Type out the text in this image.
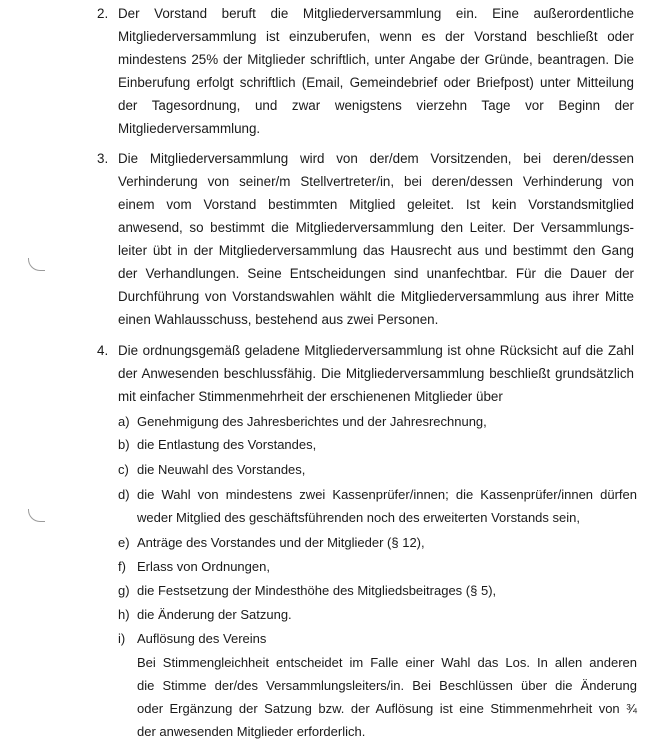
2. Der Vorstand beruft die Mitgliederversammlung ein. Eine außerordentliche
Mitgliederversammlung ist einzuberufen, wenn es der Vorstand beschließt oder
mindestens 25% der Mitglieder schriftlich, unter Angabe der Gründe, beantragen. Die
Einberufung erfolgt schriftlich (Email, Gemeindebrief oder Briefpost) unter Mitteilung
der Tagesordnung, und zwar wenigstens vierzehn Tage vor Beginn der
Mitgliederversammlung.
3. Die Mitgliederversammlung wird von der/dem Vorsitzenden, bei deren/dessen
Verhinderung von seiner/m Stellvertreter/in, bei deren/dessen Verhinderung von
einem vom Vorstand bestimmten Mitglied geleitet. Ist kein Vorstandsmitglied
anwesend, so bestimmt die Mitgliederversammlung den Leiter. Der Versammlungs-
leiter übt in der Mitgliederversammlung das Hausrecht aus und bestimmt den Gang
der Verhandlungen. Seine Entscheidungen sind unanfechtbar. Für die Dauer der
Durchführung von Vorstandswahlen wählt die Mitgliederversammlung aus ihrer Mitte
einen Wahlausschuss, bestehend aus zwei Personen.
4. Die ordnungsgemäß geladene Mitgliederversammlung ist ohne Rücksicht auf die Zahl
der Anwesenden beschlussfähig. Die Mitgliederversammlung beschließt grundsätzlich
mit einfacher Stimmenmehrheit der erschienenen Mitglieder über
a) Genehmigung des Jahresberichtes und der Jahresrechnung,
b) die Entlastung des Vorstandes,
c) die Neuwahl des Vorstandes,
d) die Wahl von mindestens zwei Kassenprüfer/innen; die Kassenprüfer/innen dürfen
weder Mitglied des geschäftsführenden noch des erweiterten Vorstands sein,
e) Anträge des Vorstandes und der Mitglieder (§ 12),
f) Erlass von Ordnungen,
g) die Festsetzung der Mindesthöhe des Mitgliedsbeitrages (§ 5),
h) die Änderung der Satzung.
i) Auflösung des Vereins
Bei Stimmengleichheit entscheidet im Falle einer Wahl das Los. In allen anderen
die Stimme der/des Versammlungsleiters/in. Bei Beschlüssen über die Änderung
oder Ergänzung der Satzung bzw. der Auflösung ist eine Stimmenmehrheit von ¾
der anwesenden Mitglieder erforderlich.
